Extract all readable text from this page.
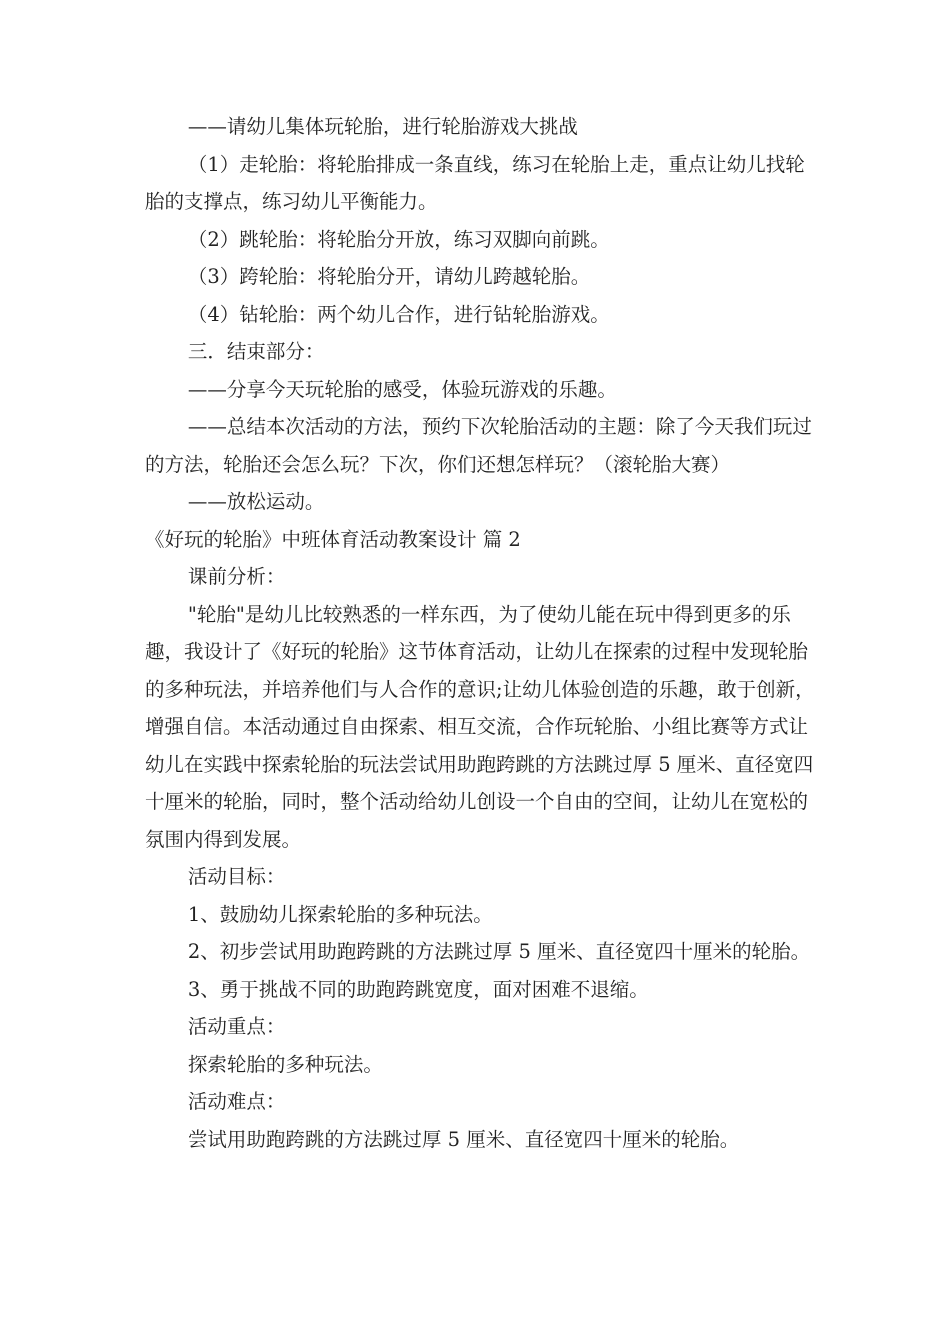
——请幼儿集体玩轮胎，进行轮胎游戏大挑战

（1）走轮胎：将轮胎排成一条直线，练习在轮胎上走，重点让幼儿找轮胎的支撑点，练习幼儿平衡能力。

（2）跳轮胎：将轮胎分开放，练习双脚向前跳。

（3）跨轮胎：将轮胎分开，请幼儿跨越轮胎。

（4）钻轮胎：两个幼儿合作，进行钻轮胎游戏。

三．结束部分：

——分享今天玩轮胎的感受，体验玩游戏的乐趣。

——总结本次活动的方法，预约下次轮胎活动的主题：除了今天我们玩过的方法，轮胎还会怎么玩？下次，你们还想怎样玩？（滚轮胎大赛）

——放松运动。

《好玩的轮胎》中班体育活动教案设计 篇 2

课前分析：

"轮胎"是幼儿比较熟悉的一样东西，为了使幼儿能在玩中得到更多的乐趣，我设计了《好玩的轮胎》这节体育活动，让幼儿在探索的过程中发现轮胎的多种玩法，并培养他们与人合作的意识;让幼儿体验创造的乐趣，敢于创新，增强自信。本活动通过自由探索、相互交流，合作玩轮胎、小组比赛等方式让幼儿在实践中探索轮胎的玩法尝试用助跑跨跳的方法跳过厚 5 厘米、直径宽四十厘米的轮胎，同时，整个活动给幼儿创设一个自由的空间，让幼儿在宽松的氛围内得到发展。

活动目标：

1、鼓励幼儿探索轮胎的多种玩法。

2、初步尝试用助跑跨跳的方法跳过厚 5 厘米、直径宽四十厘米的轮胎。

3、勇于挑战不同的助跑跨跳宽度，面对困难不退缩。

活动重点：

探索轮胎的多种玩法。

活动难点：

尝试用助跑跨跳的方法跳过厚 5 厘米、直径宽四十厘米的轮胎。
